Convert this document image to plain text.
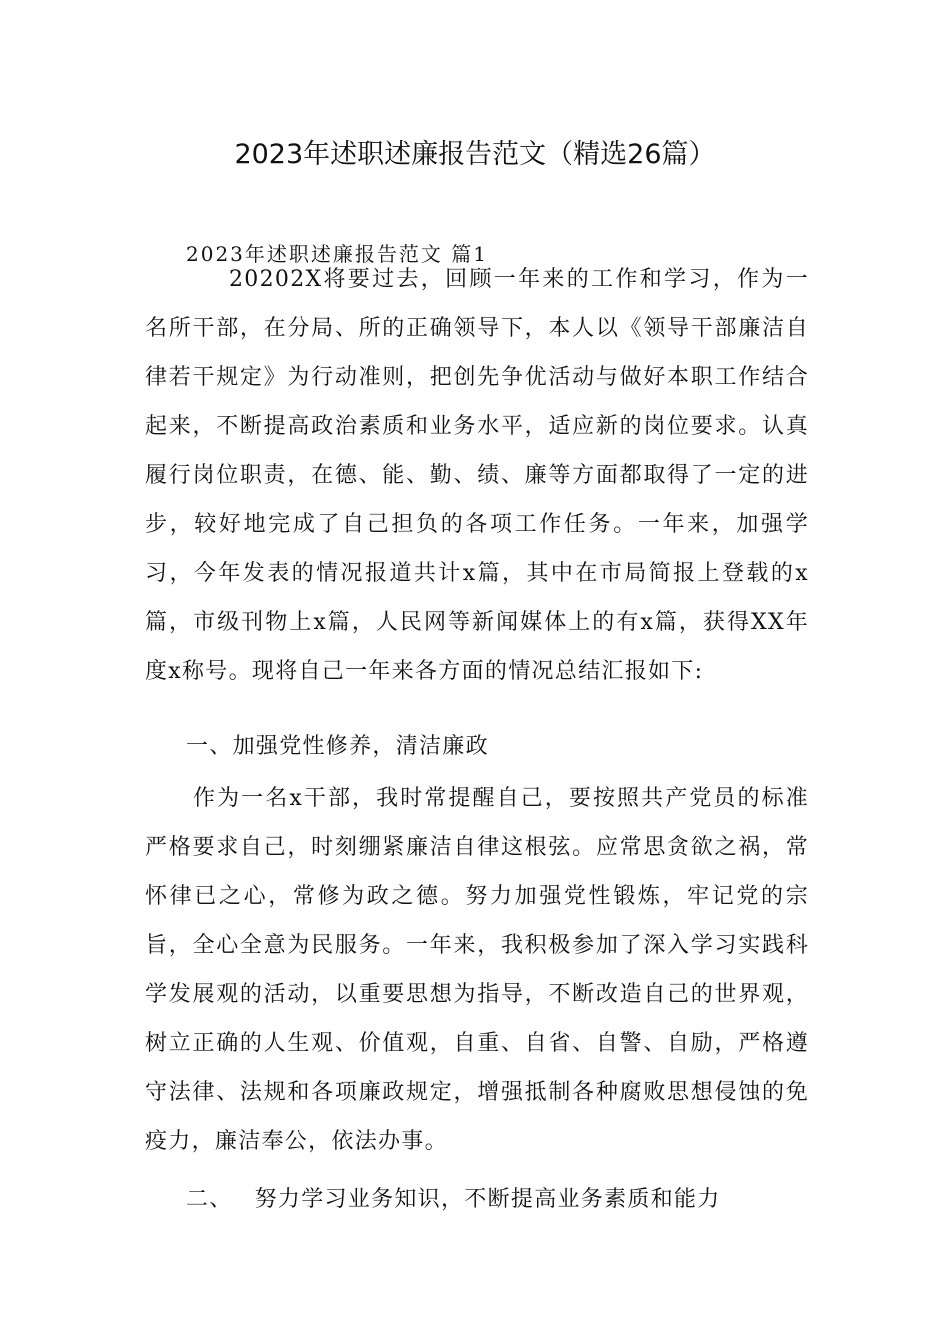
2023年述职述廉报告范文（精选26篇）
2023年述职述廉报告范文 篇1

20202X将要过去，回顾一年来的工作和学习，作为一名所干部，在分局、所的正确领导下，本人以《领导干部廉洁自律若干规定》为行动准则，把创先争优活动与做好本职工作结合起来，不断提高政治素质和业务水平，适应新的岗位要求。认真履行岗位职责，在德、能、勤、绩、廉等方面都取得了一定的进步，较好地完成了自己担负的各项工作任务。一年来，加强学习，今年发表的情况报道共计x篇，其中在市局简报上登载的x篇，市级刊物上x篇，人民网等新闻媒体上的有x篇，获得XX年度x称号。现将自己一年来各方面的情况总结汇报如下:

一、加强党性修养，清洁廉政

作为一名x干部，我时常提醒自己，要按照共产党员的标准严格要求自己，时刻绷紧廉洁自律这根弦。应常思贪欲之祸，常怀律已之心，常修为政之德。努力加强党性锻炼，牢记党的宗旨，全心全意为民服务。一年来，我积极参加了深入学习实践科学发展观的活动，以重要思想为指导，不断改造自己的世界观，树立正确的人生观、价值观，自重、自省、自警、自励，严格遵守法律、法规和各项廉政规定，增强抵制各种腐败思想侵蚀的免疫力，廉洁奉公，依法办事。

二、 努力学习业务知识，不断提高业务素质和能力
